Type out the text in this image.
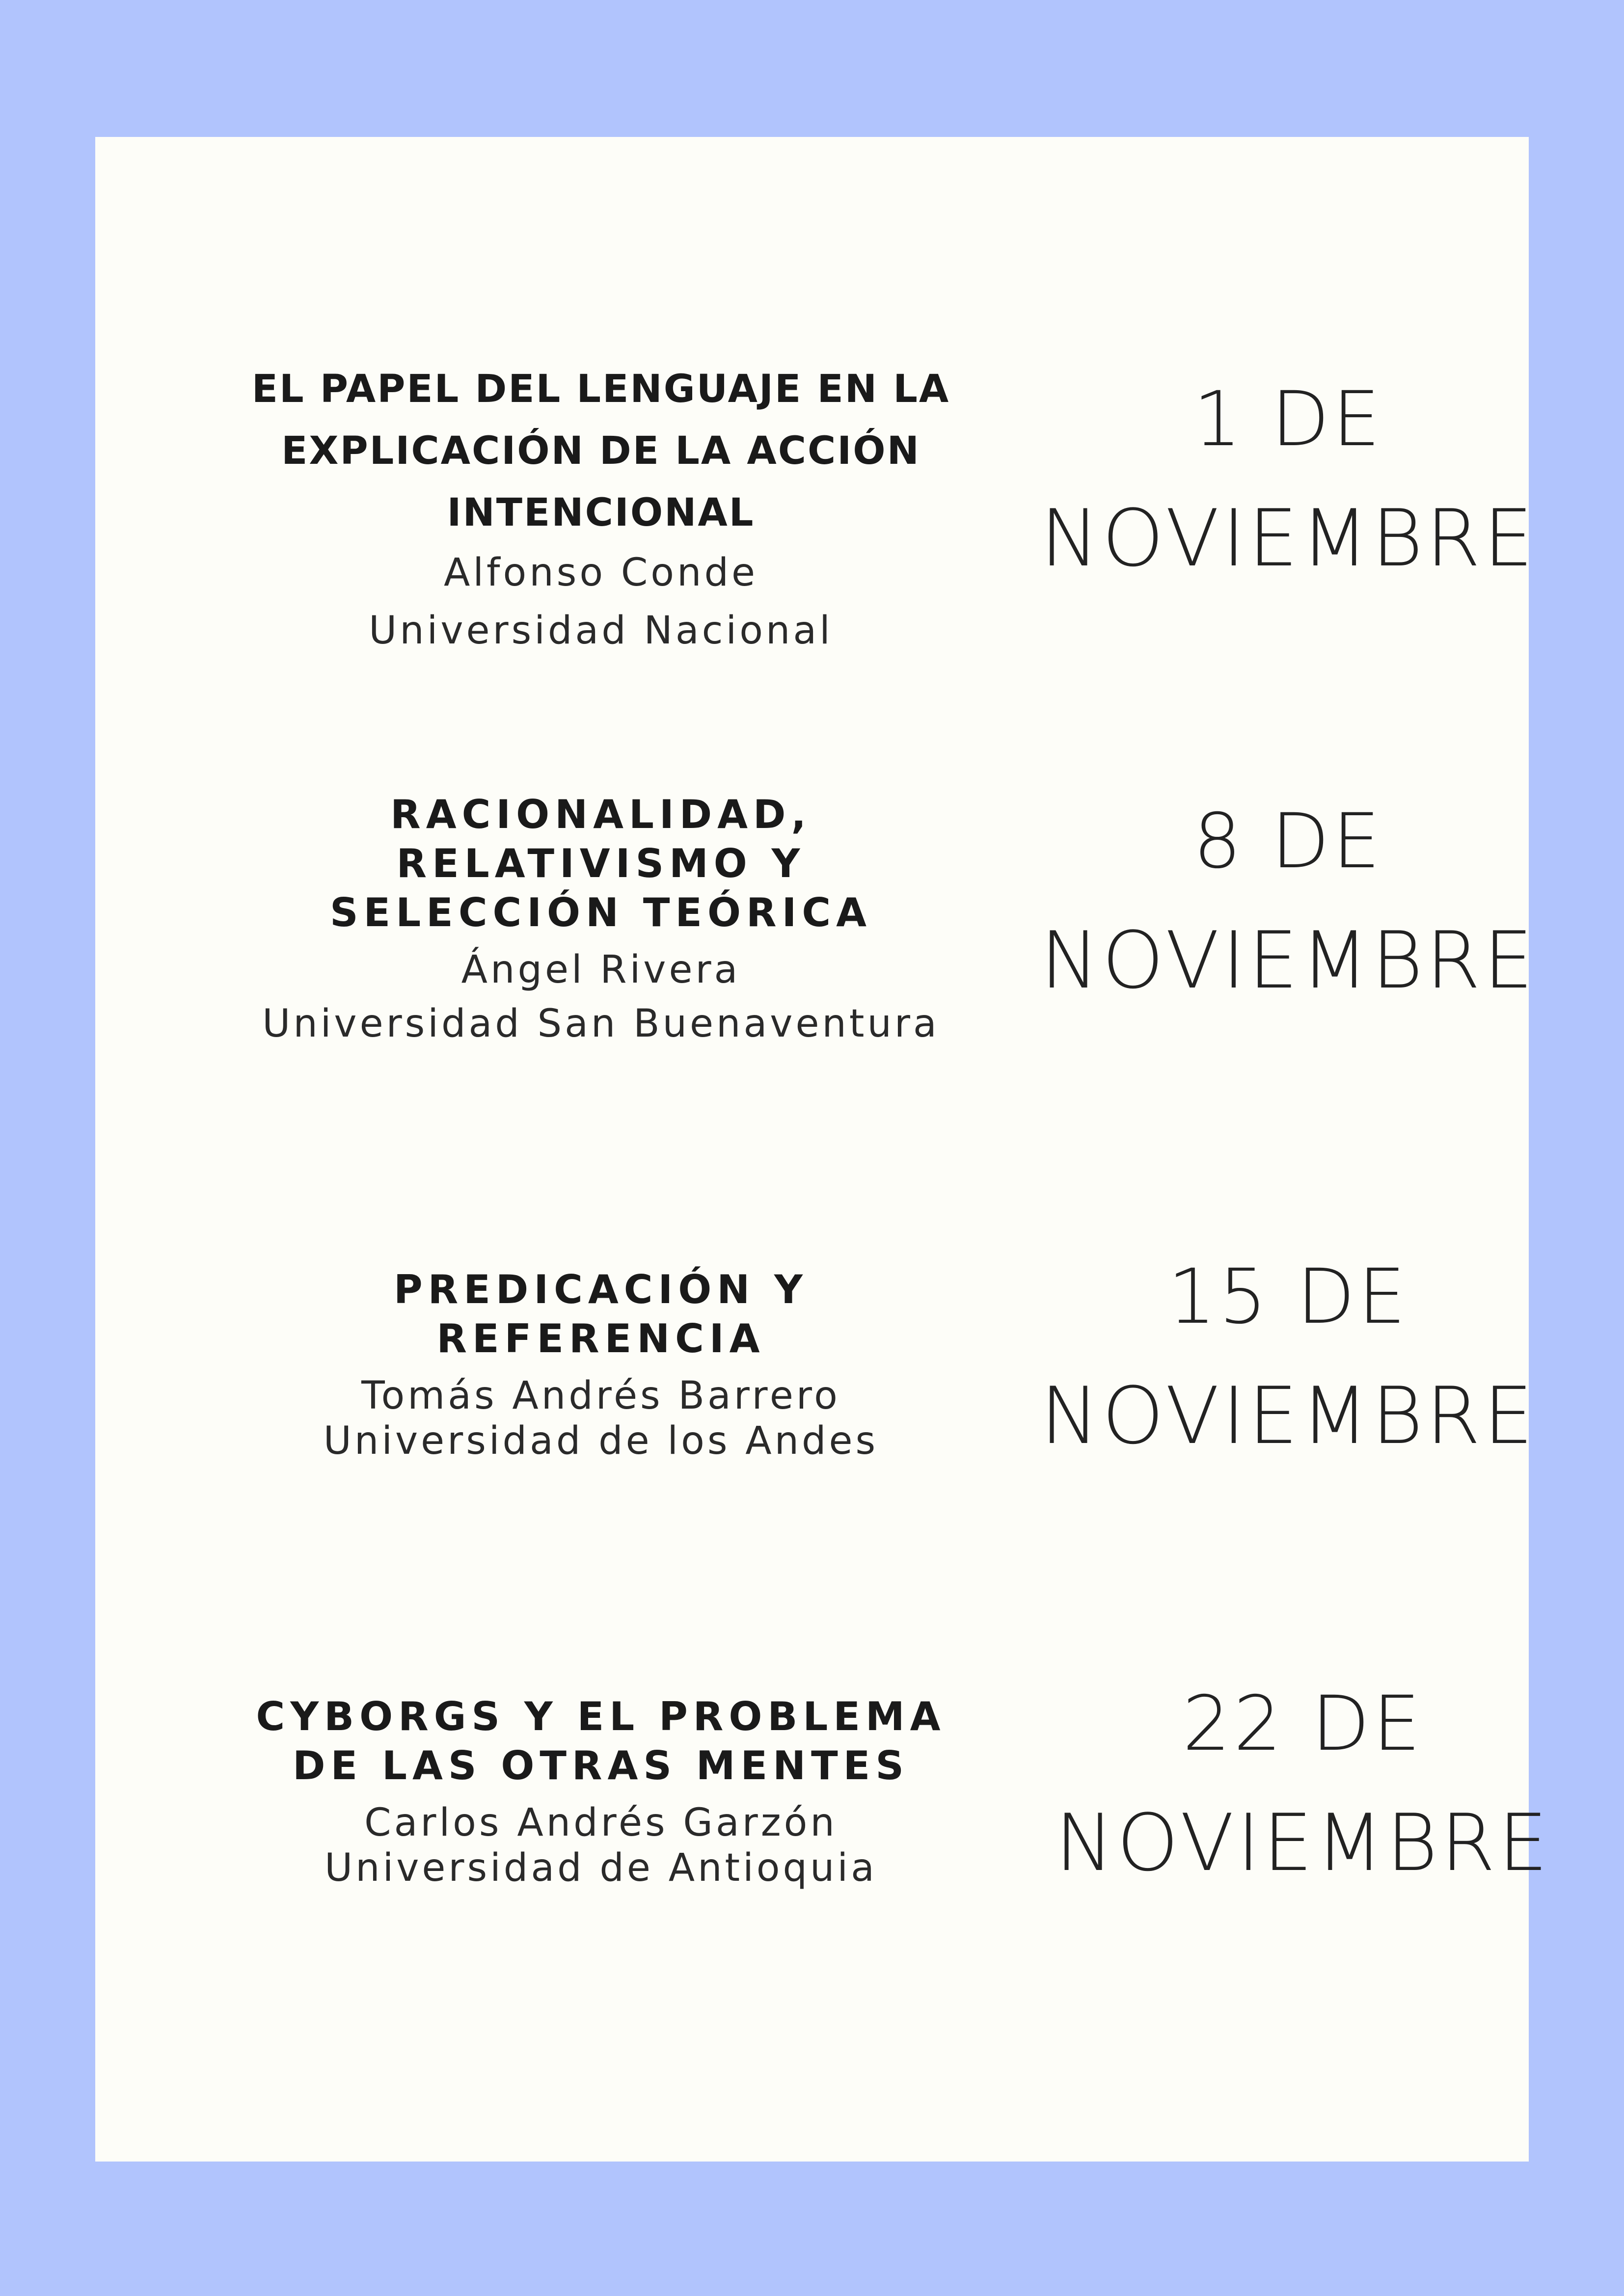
EL PAPEL DEL LENGUAJE EN LA
EXPLICACIÓN DE LA ACCIÓN
INTENCIONAL
Alfonso Conde
Universidad Nacional
1 DE
NOVIEMBRE
RACIONALIDAD,
RELATIVISMO Y
SELECCIÓN TEÓRICA
Ángel Rivera
Universidad San Buenaventura
8 DE
NOVIEMBRE
PREDICACIÓN Y
REFERENCIA
Tomás Andrés Barrero
Universidad de los Andes
15 DE
NOVIEMBRE
CYBORGS Y EL PROBLEMA
DE LAS OTRAS MENTES
Carlos Andrés Garzón
Universidad de Antioquia
22 DE
NOVIEMBRE
